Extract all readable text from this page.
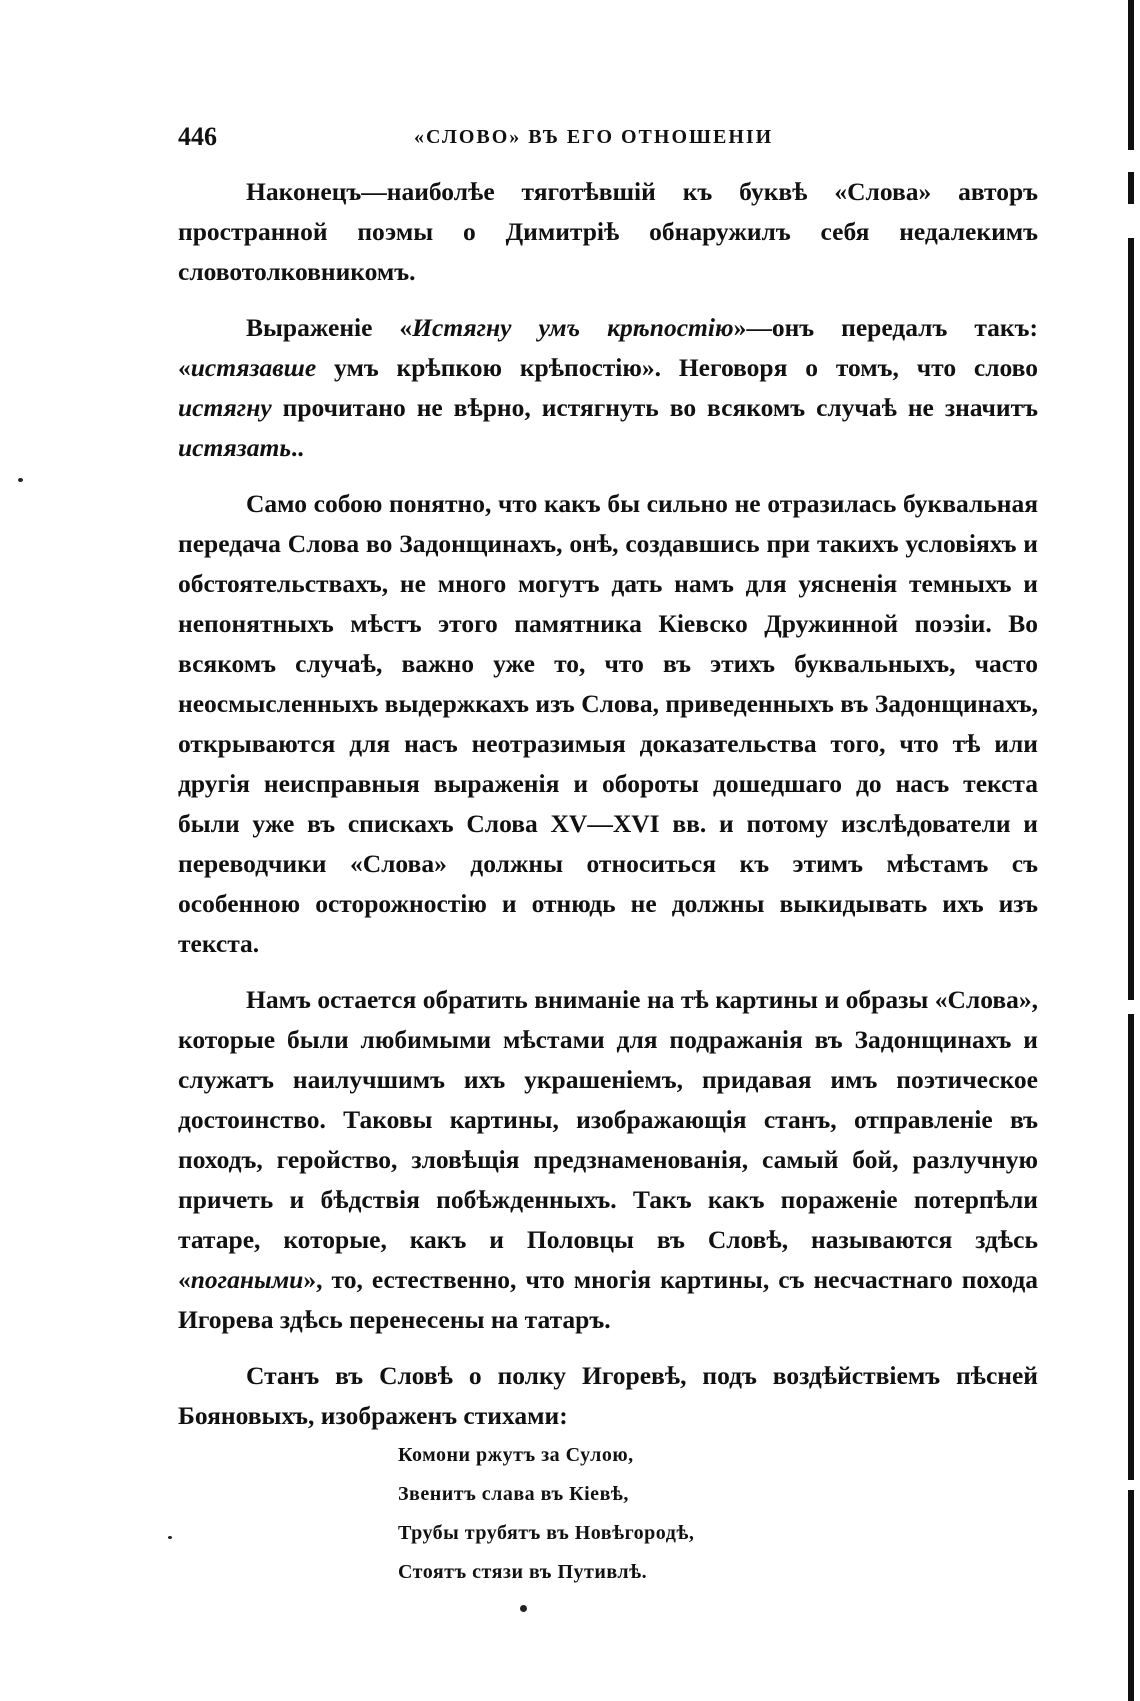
446	«СЛОВО» ВЪ ЕГО ОТНОШЕНІИ

Наконецъ—наиболѣе тяготѣвшій къ буквѣ «Слова» авторъ пространной поэмы о Димитріѣ обнаружилъ себя недалекимъ словотолковникомъ.

Выраженіе «Истягну умъ крѣпостію»—онъ передалъ такъ: «истязавше умъ крѣпкою крѣпостію». Неговоря о томъ, что слово истягну прочитано не вѣрно, истягнуть во всякомъ случаѣ не значитъ истязать..

Само собою понятно, что какъ бы сильно не отразилась буквальная передача Слова во Задонщинахъ, онѣ, создавшись при такихъ условіяхъ и обстоятельствахъ, не много могутъ дать намъ для уясненія темныхъ и непонятныхъ мѣстъ этого памятника Кіевско Дружинной поэзіи. Во всякомъ случаѣ, важно уже то, что въ этихъ буквальныхъ, часто неосмысленныхъ выдержкахъ изъ Слова, приведенныхъ въ Задонщинахъ, открываются для насъ неотразимыя доказательства того, что тѣ или другія неисправныя выраженія и обороты дошедшаго до насъ текста были уже въ спискахъ Слова XV—XVI вв. и потому изслѣдователи и переводчики «Слова» должны относиться къ этимъ мѣстамъ съ особенною осторожностію и отнюдь не должны выкидывать ихъ изъ текста.

Намъ остается обратить вниманіе на тѣ картины и образы «Слова», которые были любимыми мѣстами для подражанія въ Задонщинахъ и служатъ наилучшимъ ихъ украшеніемъ, придавая имъ поэтическое достоинство. Таковы картины, изображающія станъ, отправленіе въ походъ, геройство, зловѣщія предзнаменованія, самый бой, разлучную причеть и бѣдствія побѣжденныхъ. Такъ какъ пораженіе потерпѣли татаре, которые, какъ и Половцы въ Словѣ, называются здѣсь «погаными», то, естественно, что многія картины, съ несчастнаго похода Игорева здѣсь перенесены на татаръ.

Станъ въ Словѣ о полку Игоревѣ, подъ воздѣйствіемъ пѣсней Бояновыхъ, изображенъ стихами:

Комони ржутъ за Сулою,
Звенитъ слава въ Кіевѣ,
Трубы трубятъ въ Новѣгородѣ,
Стоятъ стязи въ Путивлѣ.
